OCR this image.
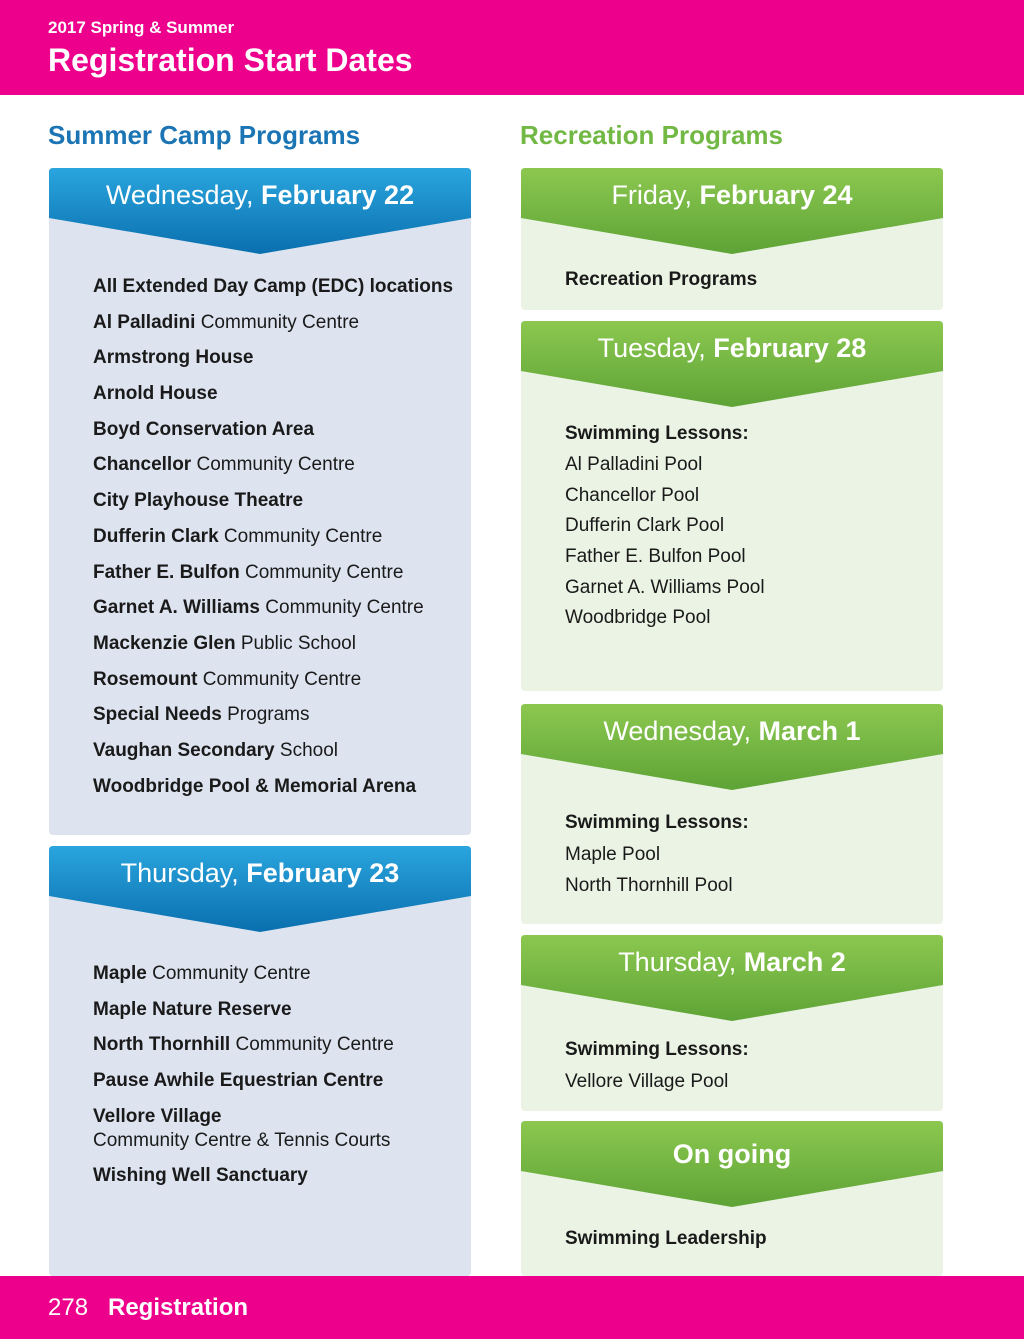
2017 Spring & Summer
Registration Start Dates
Summer Camp Programs	Recreation Programs
Wednesday, February 22
All Extended Day Camp (EDC) locations
Al Palladini Community Centre
Armstrong House
Arnold House
Boyd Conservation Area
Chancellor Community Centre
City Playhouse Theatre
Dufferin Clark Community Centre
Father E. Bulfon Community Centre
Garnet A. Williams Community Centre
Mackenzie Glen Public School
Rosemount Community Centre
Special Needs Programs
Vaughan Secondary School
Woodbridge Pool & Memorial Arena
Thursday, February 23
Maple Community Centre
Maple Nature Reserve
North Thornhill Community Centre
Pause Awhile Equestrian Centre
Vellore Village
Community Centre & Tennis Courts
Wishing Well Sanctuary
Friday, February 24
Recreation Programs
Tuesday, February 28
Swimming Lessons:
Al Palladini Pool
Chancellor Pool
Dufferin Clark Pool
Father E. Bulfon Pool
Garnet A. Williams Pool
Woodbridge Pool
Wednesday, March 1
Swimming Lessons:
Maple Pool
North Thornhill Pool
Thursday, March 2
Swimming Lessons:
Vellore Village Pool
On going
Swimming Leadership
278 Registration
